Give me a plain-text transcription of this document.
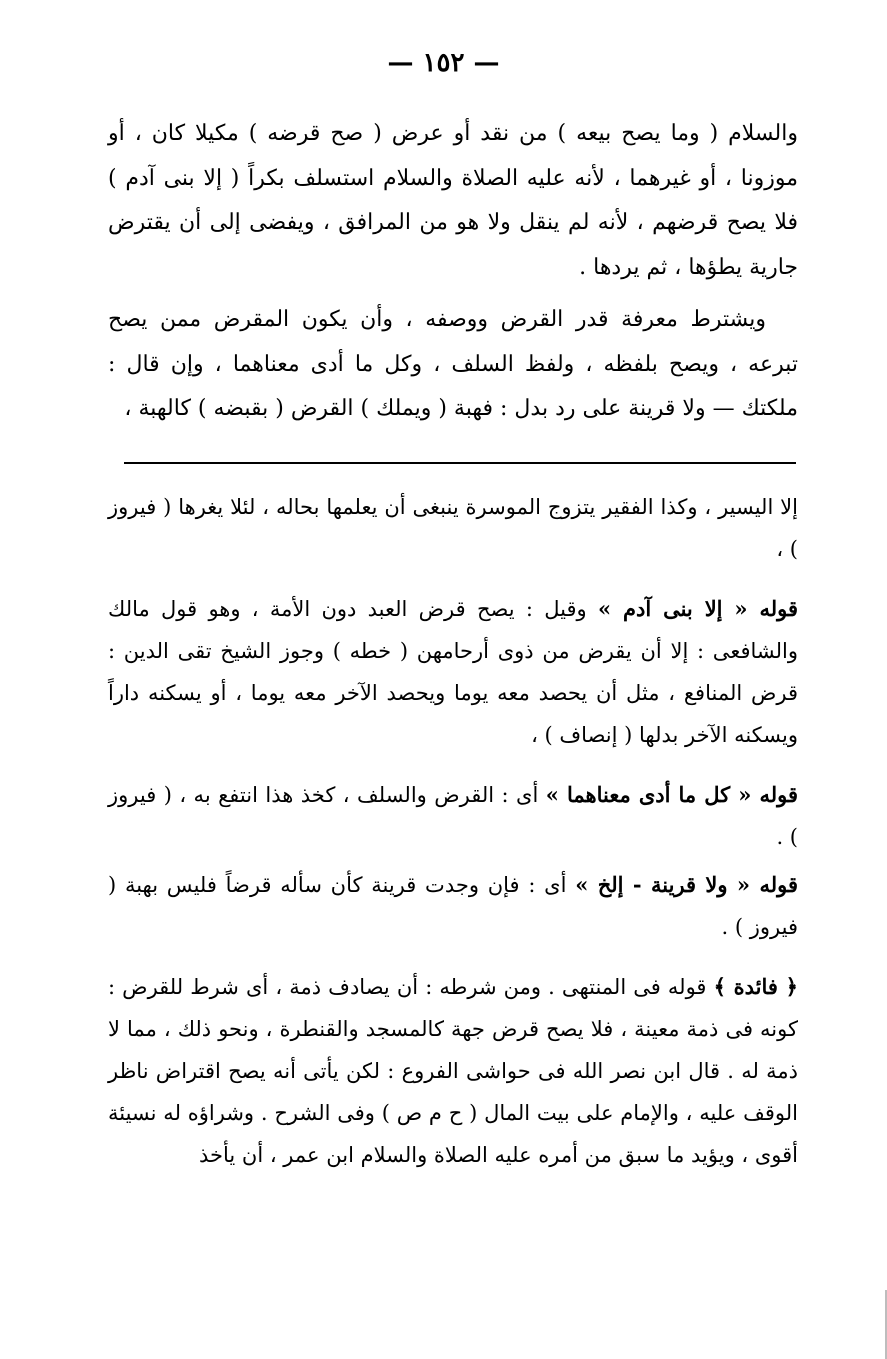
— ١٥٢ —

والسلام ( وما يصح بيعه ) من نقد أو عرض ( صح قرضه ) مكيلا كان ، أو موزونا ، أو غيرهما ، لأنه عليه الصلاة والسلام استسلف بكراً ( إلا بنى آدم ) فلا يصح قرضهم ، لأنه لم ينقل ولا هو من المرافق ، ويفضى إلى أن يقترض جارية يطؤها ، ثم يردها .

ويشترط معرفة قدر القرض ووصفه ، وأن يكون المقرض ممن يصح تبرعه ، ويصح بلفظه ، ولفظ السلف ، وكل ما أدى معناهما ، وإن قال : ملكتك — ولا قرينة على رد بدل : فهبة ( ويملك ) القرض ( بقبضه ) كالهبة ،

إلا اليسير ، وكذا الفقير يتزوج الموسرة ينبغى أن يعلمها بحاله ، لئلا يغرها ( فيروز ) ،

قوله « إلا بنى آدم » وقيل : يصح قرض العبد دون الأمة ، وهو قول مالك والشافعى : إلا أن يقرض من ذوى أرحامهن ( خطه ) وجوز الشيخ تقى الدين : قرض المنافع ، مثل أن يحصد معه يوما ويحصد الآخر معه يوما ، أو يسكنه داراً ويسكنه الآخر بدلها ( إنصاف ) ،

قوله « كل ما أدى معناهما » أى : القرض والسلف ، كخذ هذا انتفع به ، ( فيروز ) .

قوله « ولا قرينة - إلخ » أى : فإن وجدت قرينة كأن سأله قرضاً فليس بهبة ( فيروز ) .

﴿ فائدة ﴾ قوله فى المنتهى . ومن شرطه : أن يصادف ذمة ، أى شرط للقرض : كونه فى ذمة معينة ، فلا يصح قرض جهة كالمسجد والقنطرة ، ونحو ذلك ، مما لا ذمة له . قال ابن نصر الله فى حواشى الفروع : لكن يأتى أنه يصح اقتراض ناظر الوقف عليه ، والإمام على بيت المال ( ح م ص ) وفى الشرح . وشراؤه له نسيئة أقوى ، ويؤيد ما سبق من أمره عليه الصلاة والسلام ابن عمر ، أن يأخذ
